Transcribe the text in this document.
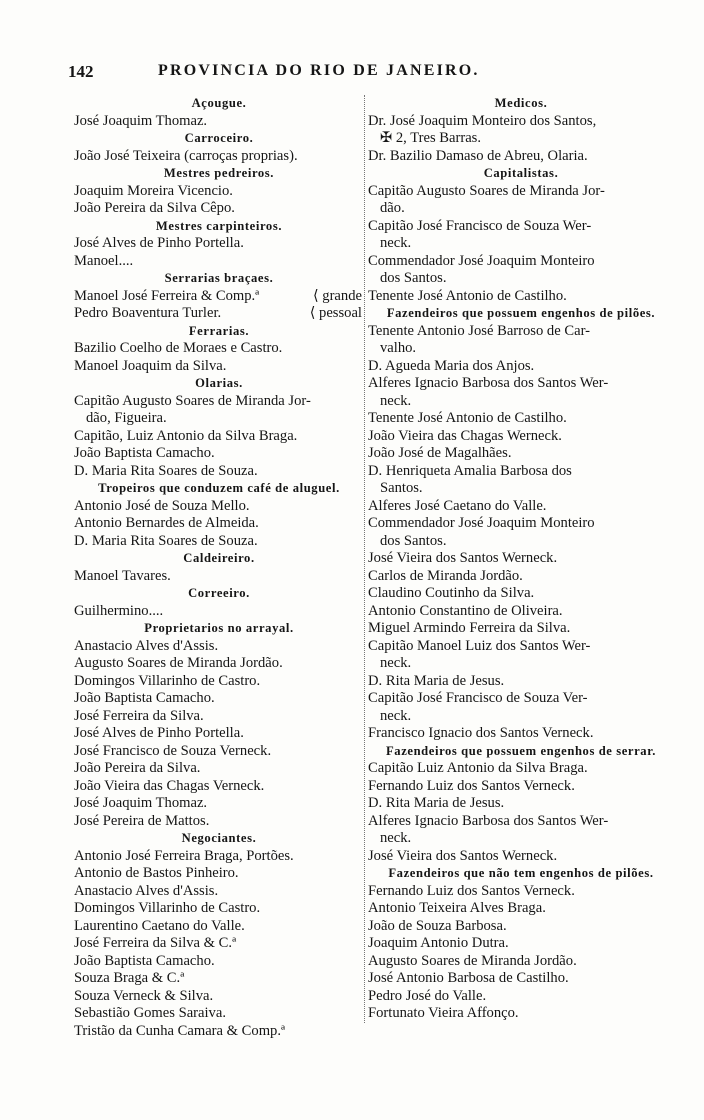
142	PROVINCIA DO RIO DE JANEIRO.
Açougue.
José Joaquim Thomaz.
Carroceiro.
João José Teixeira (carroças proprias).
Mestres pedreiros.
Joaquim Moreira Vicencio.
João Pereira da Silva Cêpo.
Mestres carpinteiros.
José Alves de Pinho Portella.
Manoel....
Serrarias braçaes.
Manoel José Ferreira & Comp.ª	⟨ grande
Pedro Boaventura Turler.	⟨ pessoal
Ferrarias.
Bazilio Coelho de Moraes e Castro.
Manoel Joaquim da Silva.
Olarias.
Capitão Augusto Soares de Miranda Jor-
dão, Figueira.
Capitão, Luiz Antonio da Silva Braga.
João Baptista Camacho.
D. Maria Rita Soares de Souza.
Tropeiros que conduzem café de aluguel.
Antonio José de Souza Mello.
Antonio Bernardes de Almeida.
D. Maria Rita Soares de Souza.
Caldeireiro.
Manoel Tavares.
Correeiro.
Guilhermino....
Proprietarios no arrayal.
Anastacio Alves d'Assis.
Augusto Soares de Miranda Jordão.
Domingos Villarinho de Castro.
João Baptista Camacho.
José Ferreira da Silva.
José Alves de Pinho Portella.
José Francisco de Souza Verneck.
João Pereira da Silva.
João Vieira das Chagas Verneck.
José Joaquim Thomaz.
José Pereira de Mattos.
Negociantes.
Antonio José Ferreira Braga, Portões.
Antonio de Bastos Pinheiro.
Anastacio Alves d'Assis.
Domingos Villarinho de Castro.
Laurentino Caetano do Valle.
José Ferreira da Silva & C.ª
João Baptista Camacho.
Souza Braga & C.ª
Souza Verneck & Silva.
Sebastião Gomes Saraiva.
Tristão da Cunha Camara & Comp.ª
Medicos.
Dr. José Joaquim Monteiro dos Santos,
✠ 2, Tres Barras.
Dr. Bazilio Damaso de Abreu, Olaria.
Capitalistas.
Capitão Augusto Soares de Miranda Jor-
dão.
Capitão José Francisco de Souza Wer-
neck.
Commendador José Joaquim Monteiro
dos Santos.
Tenente José Antonio de Castilho.
Fazendeiros que possuem engenhos de pilões.
Tenente Antonio José Barroso de Car-
valho.
D. Agueda Maria dos Anjos.
Alferes Ignacio Barbosa dos Santos Wer-
neck.
Tenente José Antonio de Castilho.
João Vieira das Chagas Werneck.
João José de Magalhães.
D. Henriqueta Amalia Barbosa dos
Santos.
Alferes José Caetano do Valle.
Commendador José Joaquim Monteiro
dos Santos.
José Vieira dos Santos Werneck.
Carlos de Miranda Jordão.
Claudino Coutinho da Silva.
Antonio Constantino de Oliveira.
Miguel Armindo Ferreira da Silva.
Capitão Manoel Luiz dos Santos Wer-
neck.
D. Rita Maria de Jesus.
Capitão José Francisco de Souza Ver-
neck.
Francisco Ignacio dos Santos Verneck.
Fazendeiros que possuem engenhos de serrar.
Capitão Luiz Antonio da Silva Braga.
Fernando Luiz dos Santos Verneck.
D. Rita Maria de Jesus.
Alferes Ignacio Barbosa dos Santos Wer-
neck.
José Vieira dos Santos Werneck.
Fazendeiros que não tem engenhos de pilões.
Fernando Luiz dos Santos Verneck.
Antonio Teixeira Alves Braga.
João de Souza Barbosa.
Joaquim Antonio Dutra.
Augusto Soares de Miranda Jordão.
José Antonio Barbosa de Castilho.
Pedro José do Valle.
Fortunato Vieira Affonço.
